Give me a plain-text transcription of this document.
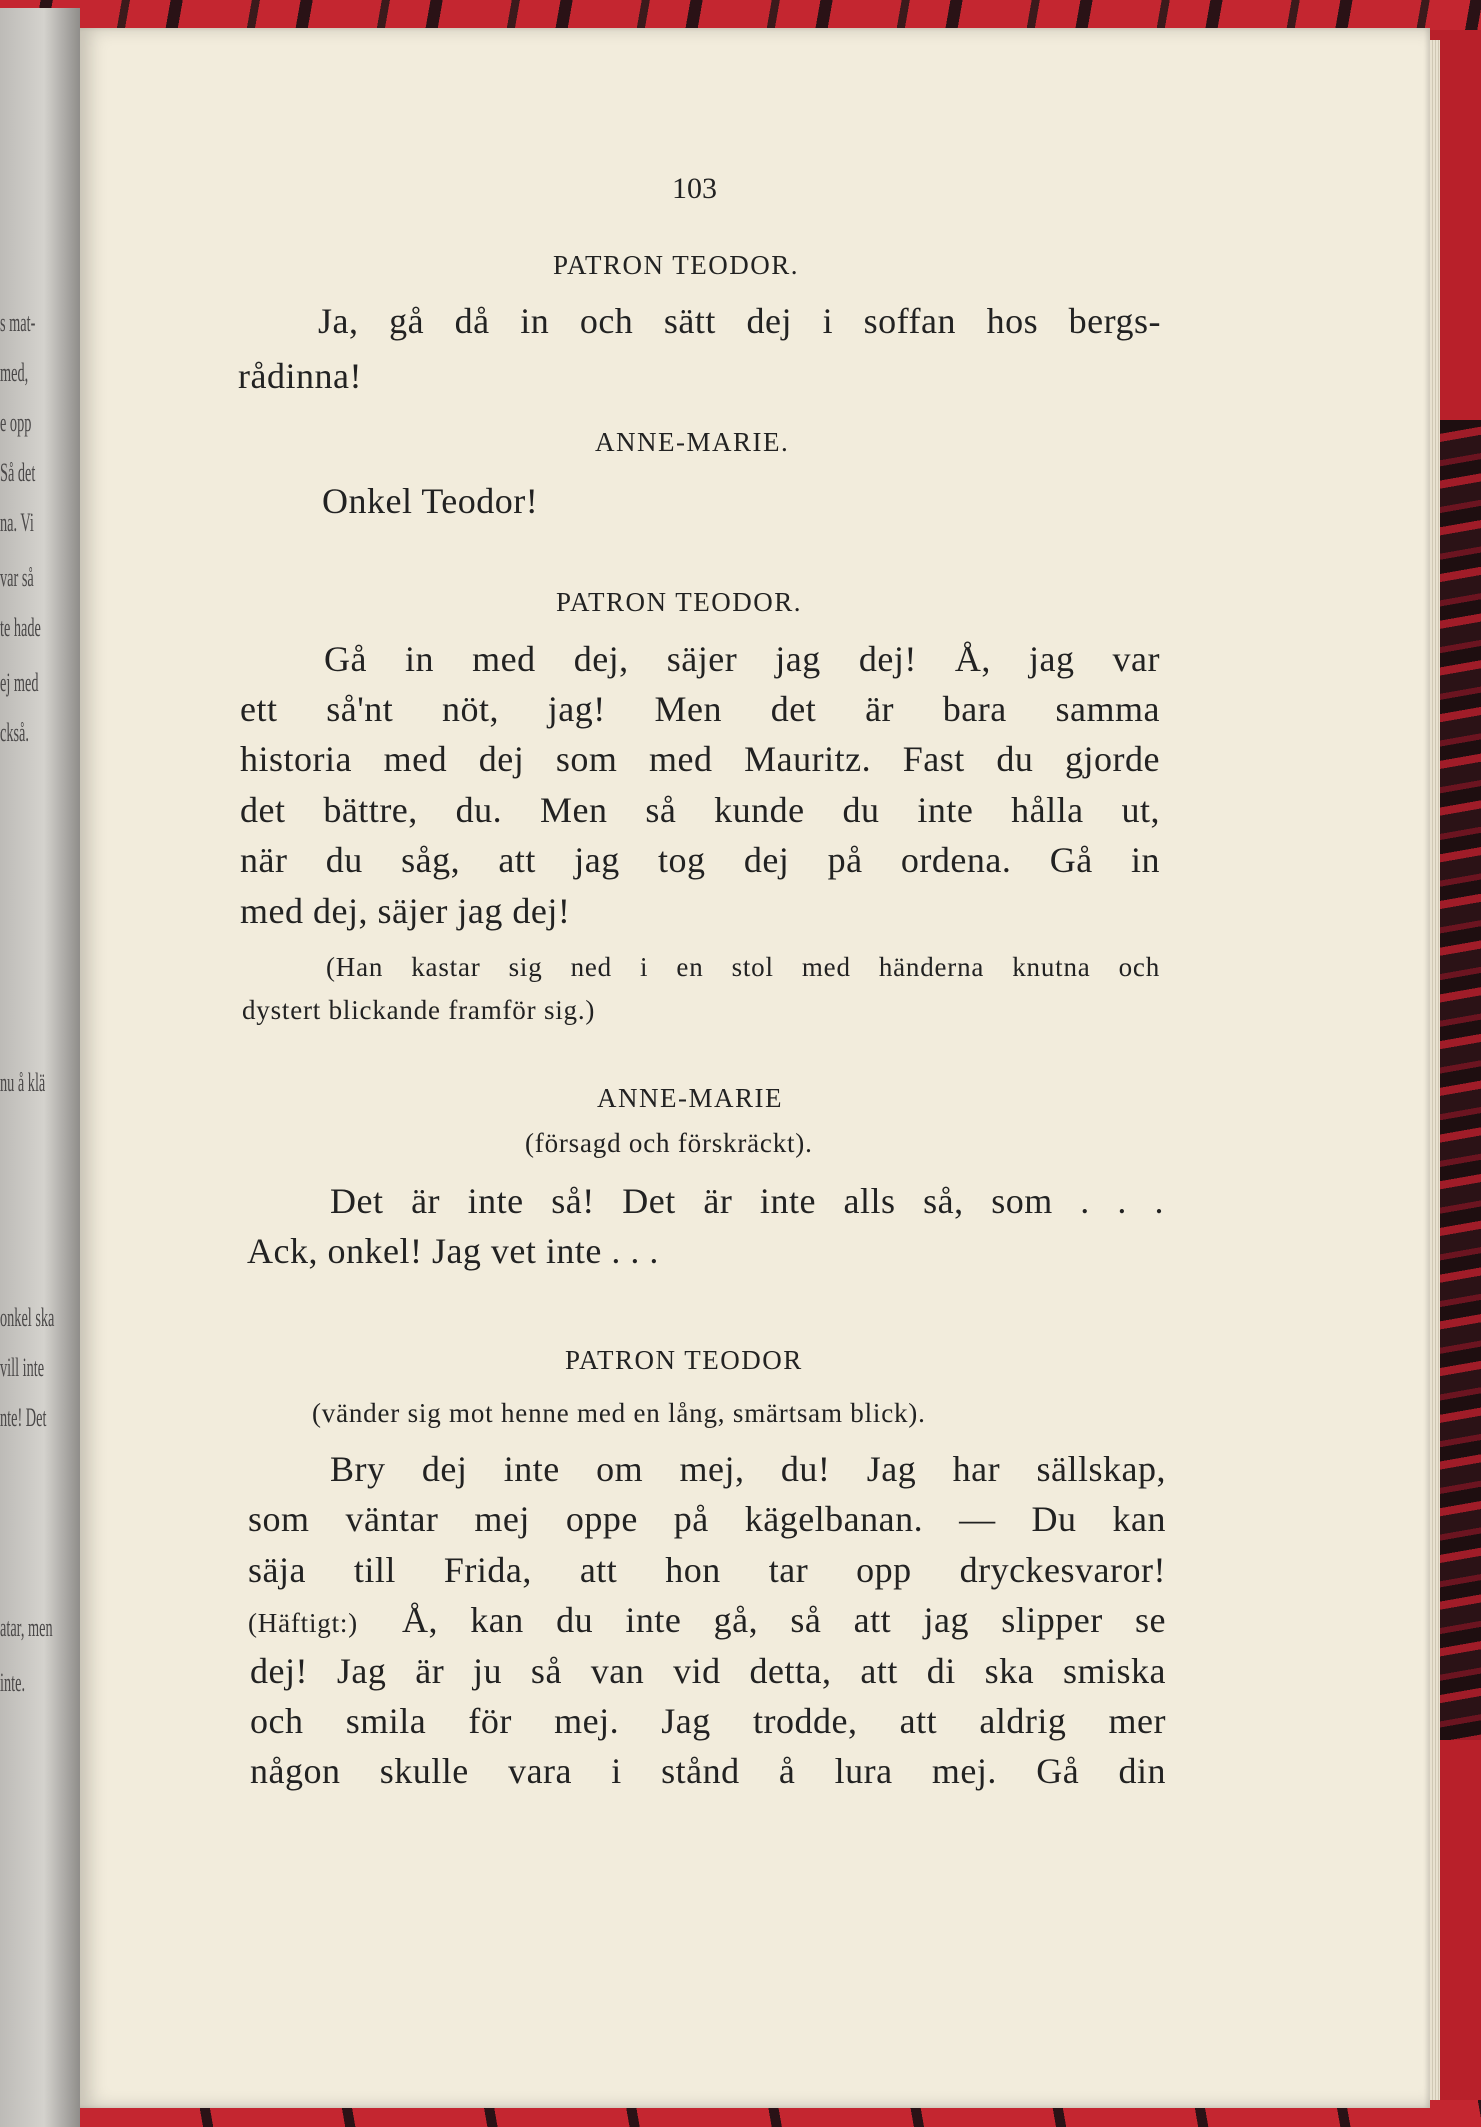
s mat-
med,
e opp
Så det
na. Vi
var så
te hade
ej med
ckså.
nu å klä
onkel ska
vill inte
nte! Det
atar, men
inte.
103
PATRON TEODOR.
Ja, gå då in och sätt dej i soffan hos bergs-
rådinna!
ANNE-MARIE.
Onkel Teodor!
PATRON TEODOR.
Gå in med dej, säjer jag dej! Å, jag var
ett så'nt nöt, jag! Men det är bara samma
historia med dej som med Mauritz. Fast du gjorde
det bättre, du. Men så kunde du inte hålla ut,
när du såg, att jag tog dej på ordena. Gå in
med dej, säjer jag dej!
(Han kastar sig ned i en stol med händerna knutna och
dystert blickande framför sig.)
ANNE-MARIE
(försagd och förskräckt).
Det är inte så! Det är inte alls så, som . . .
Ack, onkel! Jag vet inte . . .
PATRON TEODOR
(vänder sig mot henne med en lång, smärtsam blick).
Bry dej inte om mej, du! Jag har sällskap,
som väntar mej oppe på kägelbanan. — Du kan
säja till Frida, att hon tar opp dryckesvaror!
(Häftigt:) Å, kan du inte gå, så att jag slipper se
dej! Jag är ju så van vid detta, att di ska smiska
och smila för mej. Jag trodde, att aldrig mer
någon skulle vara i stånd å lura mej. Gå din
